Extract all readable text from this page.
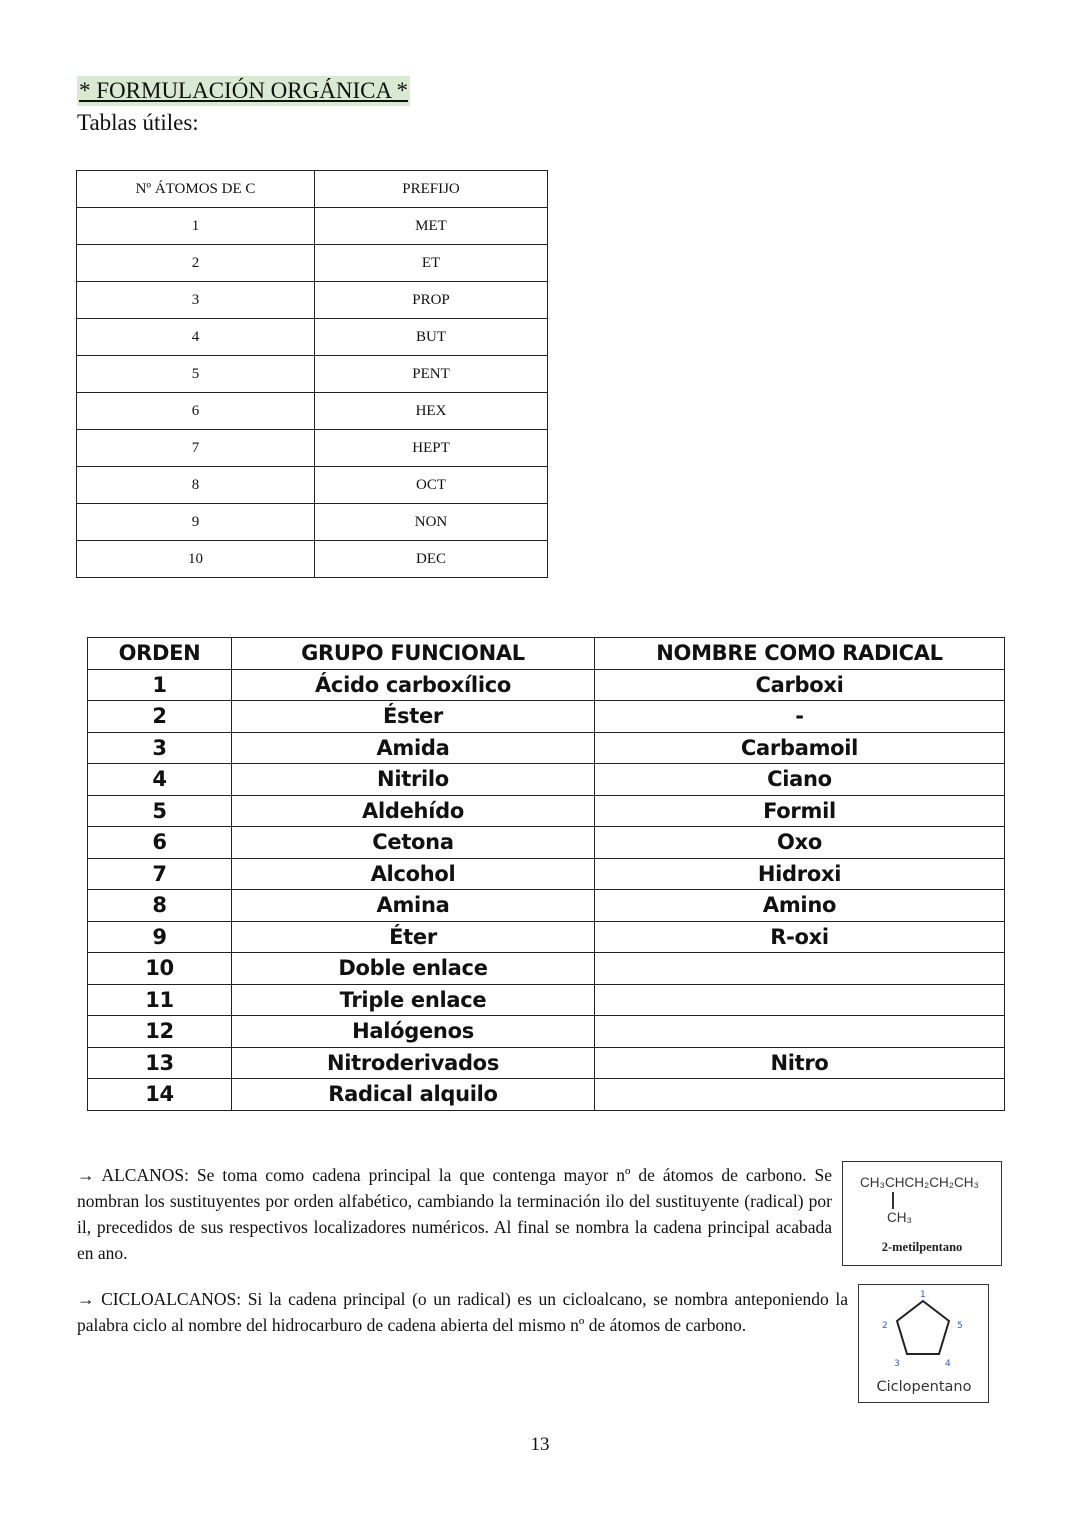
* FORMULACIÓN ORGÁNICA *
Tablas útiles:
Nº ÁTOMOS DE C	PREFIJO
1	MET
2	ET
3	PROP
4	BUT
5	PENT
6	HEX
7	HEPT
8	OCT
9	NON
10	DEC
ORDEN	GRUPO FUNCIONAL	NOMBRE COMO RADICAL
1	Ácido carboxílico	Carboxi
2	Éster	-
3	Amida	Carbamoil
4	Nitrilo	Ciano
5	Aldehído	Formil
6	Cetona	Oxo
7	Alcohol	Hidroxi
8	Amina	Amino
9	Éter	R-oxi
10	Doble enlace	
11	Triple enlace	
12	Halógenos	
13	Nitroderivados	Nitro
14	Radical alquilo	
→ ALCANOS: Se toma como cadena principal la que contenga mayor nº de átomos de carbono. Se nombran los sustituyentes por orden alfabético, cambiando la terminación ilo del sustituyente (radical) por il, precedidos de sus respectivos localizadores numéricos. Al final se nombra la cadena principal acabada en ano.
CH₃CHCH₂CH₂CH₃
CH₃
2-metilpentano
→ CICLOALCANOS: Si la cadena principal (o un radical) es un cicloalcano, se nombra anteponiendo la palabra ciclo al nombre del hidrocarburo de cadena abierta del mismo nº de átomos de carbono.
1
2
3	4
5
Ciclopentano
13
